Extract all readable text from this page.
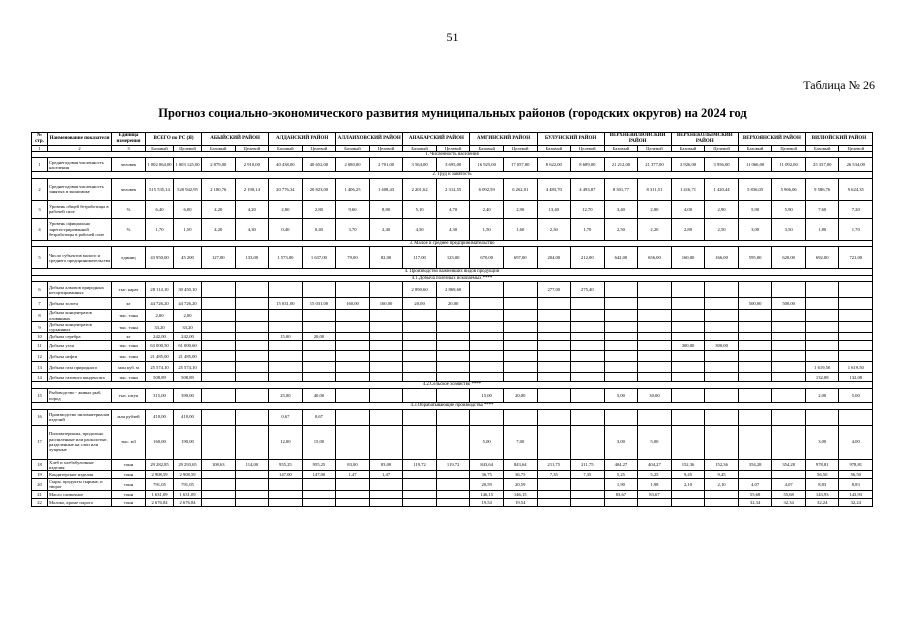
51
Таблица № 26
Прогноз социально-экономического развития муниципальных районов (городских округов) на 2024 год
№ стр.	Наименование показателя	Единица измерения	ВСЕГО по РС (Я)		АБЫЙСКИЙ РАЙОН		АЛДАНСКИЙ РАЙОН		АЛЛАИХОВСКИЙ РАЙОН		АНАБАРСКИЙ РАЙОН		АМГИНСКИЙ РАЙОН		БУЛУНСКИЙ РАЙОН		ВЕРХНЕВИЛЮЙСКИЙ РАЙОН		ВЕРХНЕКОЛЫМСКИЙ РАЙОН		ВЕРХОЯНСКИЙ РАЙОН		ВИЛЮЙСКИЙ РАЙОН	
1	2	3	Базовый	Целевой	Базовый	Целевой	Базовый	Целевой	Базовый	Целевой	Базовый	Целевой	Базовый	Целевой	Базовый	Целевой	Базовый	Целевой	Базовый	Целевой	Базовый	Целевой	Базовый	Целевой
1. Численность населения																								
1	Среднегодовая численность населения	человек	1 002 064,00	1 003 125,00	2 879,00	2 910,00	40 438,00	40 652,00	2 680,00	2 701,00	3 564,00	3 695,00	16 925,00	17 057,00	8 622,00	8 689,00	21 212,00	21 377,00	3 926,00	3 956,00	11 066,00	11 092,00	25 337,00	26 534,00
2. Труд и занятость																								
2	Среднегодовая численность занятых в экономике	человек	515 535,14	520 942,95	2 180,76	2 190,14	20 776,34	20 823,00	1 406,25	1 408,43	2 201,62	2 312,55	6 092,59	6 262,01	4 483,70	4 493,87	8 301,77	8 311,51	1 416,71	1 420,44	5 836,05	5 966,06	9 586,76	9 624,35
3	Уровень общей безработицы в рабочей силе	%	6,40	6,00	4,20	4,20	2,80	2,80	9,60	8,80	5,10	4,70	2,40	2,90	13,40	12,70	3,40	2,80	4,00	2,90	5,90	5,90	7,60	7,20
4	Уровень официально зарегистрированной безработицы в рабочей силе	%	1,70	1,50	4,20	4,30	0,40	0,40	3,70	2,40	4,50	4,30	1,50	1,60	2,30	1,70	2,50	2,20	2,80	2,50	3,00	3,50	1,80	1,70
3. Малое и среднее предпринимательство																								
5	Число субъектов малого и среднего предпринимательства	единиц	43 950,00	45 200	127,00	133,00	1 573,00	1 637,00	79,00	82,00	117,00	123,00	670,00	697,00	204,00	212,00	642,00	656,00	160,00	166,00	595,00	620,00	692,00	721,00
4. Производство важнейших видов продукции																								
4.1.Добыча полезных ископаемых ****																								
6	Добыча алмазов природных несортированных	тыс. карат	28 114,10	30 450,10							2 890,60	2 869,60			277,00	275,40								
7	Добыча золота	кг	44 726,20	44 726,20			15 031,00	15 031,00	160,00	160,00	20,00	20,00									500,00	500,00		
8	Добыча концентратов оловянных	тыс. тонн	2,00	2,00																				
9	Добыча концентратов сурьмяных	тыс. тонн	33,20	33,20																				
10	Добыча серебра	кг	242,00	242,00			15,00	20,00																
11	Добыча угля	тыс. тонн	63 000,50	61 000,60															300,00	300,00				
12	Добыча нефти	тыс. тонн	21 485,00	21 485,00																				
13	Добыча газа природного	млн куб. м	25 574,10	25 574,10																			1 619,50	1 619,50
14	Добыча газового конденсата	тыс. тонн	508,89	508,89																			132,08	132,08
4.2.Сельское хозяйство ****																								
15	Рыбоводство - живых рыб, пород	тыс. штук	315,00	390,00			25,00	40,00					15,00	20,00			5,00	30,00					2,00	5,00
4.3.Обрабатывающие производства ****																								
16	Производство пиломатериалов изделий	млн рублей	410,00	410,00			0,67	0,67																
17	Пиломатериалы, продольно распиленные или расколотые, разделенные на слои или лущеные	тыс. м3	160,00	190,00			12,00	15,00					5,00	7,00			3,00	5,00					3,00	4,00
18	Хлеб и хлебобулочные изделия	тонн	29 282,85	29 293,65	108,63	114,00	955,25	955,25	83,00	83,00	119,72	119,72	843,64	843,64	211,75	211,75	404,27	404,27	152,36	152,36	354,28	354,28	978,81	978,81
19	Кондитерские изделия	тонн	2 908,59	2 908,59			147,00	147,00	1,47	1,47			36,75	36,75	7,35	7,35	5,25	5,25	9,45	9,45			56,50	56,50
20	Сыры, продукты сырные, и творог	тонн	791,05	791,05									20,59	20,59			1,90	1,98	2,10	2,10	4,07	4,07	8,83	8,83
21	Масло сливочное	тонн	1 631,09	1 631,09									146,15	146,15			83,67	83,67			55,68	55,68	143,93	143,93
22	Молоко, кроме сырого	тонн	2 676,84	2 676,84									19,54	19,54							32,34	32,34	32,24	32,24
